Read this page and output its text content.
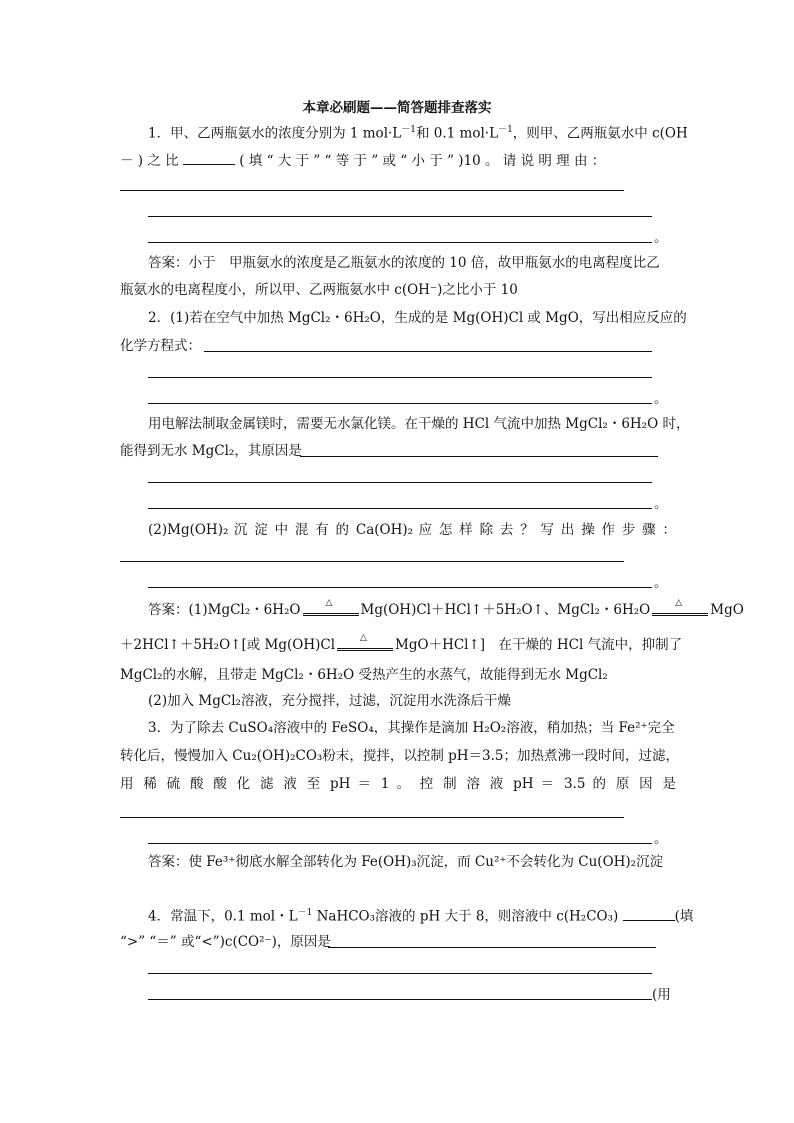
本章必刷题——简答题排查落实
1．甲、乙两瓶氨水的浓度分别为 1 $mol\cdot L^{-1}$和 0.1 $mol\cdot L^{-1}$，则甲、乙两瓶氨水中 c(OH
－ ) 之 比	( 填 “ 大 于 ” “ 等 于 ” 或 “ 小 于 ” )10 。 请 说 明 理 由 ：
。
答案：小于　甲瓶氨水的浓度是乙瓶氨水的浓度的 10 倍，故甲瓶氨水的电离程度比乙
瓶氨水的电离程度小，所以甲、乙两瓶氨水中 c(OH⁻)之比小于 10
2．(1)若在空气中加热 MgCl₂・6H₂O，生成的是 Mg(OH)Cl 或 MgO，写出相应反应的
化学方程式：
。
用电解法制取金属镁时，需要无水氯化镁。在干燥的 HCl 气流中加热 MgCl₂・6H₂O 时，
能得到无水 MgCl₂，其原因是
。
(2)Mg(OH)₂ 沉 淀 中 混 有 的 Ca(OH)₂ 应 怎 样 除 去 ？ 写 出 操 作 步 骤 ：
。
答案：(1)MgCl₂・6H₂O	△ Mg(OH)Cl＋HCl↑＋5H₂O↑、MgCl₂・6H₂O	△ MgO
＋2HCl↑＋5H₂O↑[或 Mg(OH)Cl	△ MgO＋HCl↑]　在干燥的 HCl 气流中，抑制了
MgCl₂的水解，且带走 MgCl₂・6H₂O 受热产生的水蒸气，故能得到无水 MgCl₂
(2)加入 MgCl₂溶液，充分搅拌，过滤，沉淀用水洗涤后干燥
3．为了除去 CuSO₄溶液中的 FeSO₄，其操作是滴加 H₂O₂溶液，稍加热；当 Fe²⁺完全
转化后，慢慢加入 Cu₂(OH)₂CO₃粉末，搅拌，以控制 pH＝3.5；加热煮沸一段时间，过滤，
用 稀 硫 酸 酸 化 滤 液 至 pH ＝ 1 。 控 制 溶 液 pH ＝ 3.5 的 原 因 是
。
答案：使 Fe³⁺彻底水解全部转化为 Fe(OH)₃沉淀，而 Cu²⁺不会转化为 Cu(OH)₂沉淀
4．常温下，0.1 mol・$L^{-1}$ NaHCO₃溶液的 pH 大于 8，则溶液中 c(H₂CO₃)	(填
“>” “＝” 或“<”)c(CO²⁻)，原因是
(用
